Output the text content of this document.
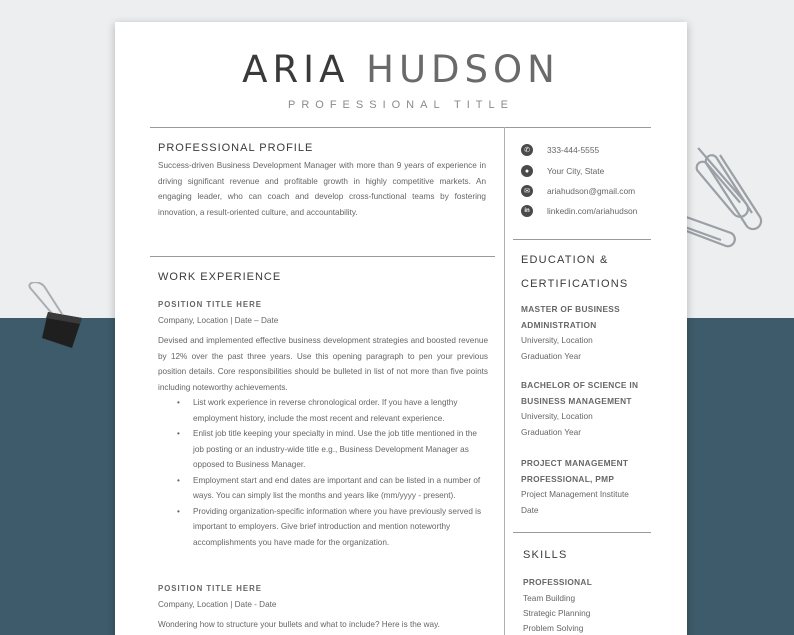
ARIA HUDSON
PROFESSIONAL TITLE
PROFESSIONAL PROFILE
Success-driven Business Development Manager with more than 9 years of experience in driving significant revenue and profitable growth in highly competitive markets. An engaging leader, who can coach and develop cross-functional teams by fostering innovation, a result-oriented culture, and accountability.
WORK EXPERIENCE
POSITION TITLE HERE
Company, Location | Date – Date
Devised and implemented effective business development strategies and boosted revenue by 12% over the past three years. Use this opening paragraph to pen your previous position details. Core responsibilities should be bulleted in list of not more than five points including noteworthy achievements.
• List work experience in reverse chronological order. If you have a lengthy employment history, include the most recent and relevant experience.
• Enlist job title keeping your specialty in mind. Use the job title mentioned in the job posting or an industry-wide title e.g., Business Development Manager as opposed to Business Manager.
• Employment start and end dates are important and can be listed in a number of ways. You can simply list the months and years like (mm/yyyy - present).
• Providing organization-specific information where you have previously served is important to employers. Give brief introduction and mention noteworthy accomplishments you have made for the organization.
POSITION TITLE HERE
Company, Location | Date - Date
Wondering how to structure your bullets and what to include? Here is the way.
✆	333-444-5555
●	Your City, State
✉	ariahudson@gmail.com
in	linkedin.com/ariahudson
EDUCATION &
CERTIFICATIONS
MASTER OF BUSINESS
ADMINISTRATION
University, Location
Graduation Year
BACHELOR OF SCIENCE IN
BUSINESS MANAGEMENT
University, Location
Graduation Year
PROJECT MANAGEMENT
PROFESSIONAL, PMP
Project Management Institute
Date
SKILLS
PROFESSIONAL
Team Building
Strategic Planning
Problem Solving
